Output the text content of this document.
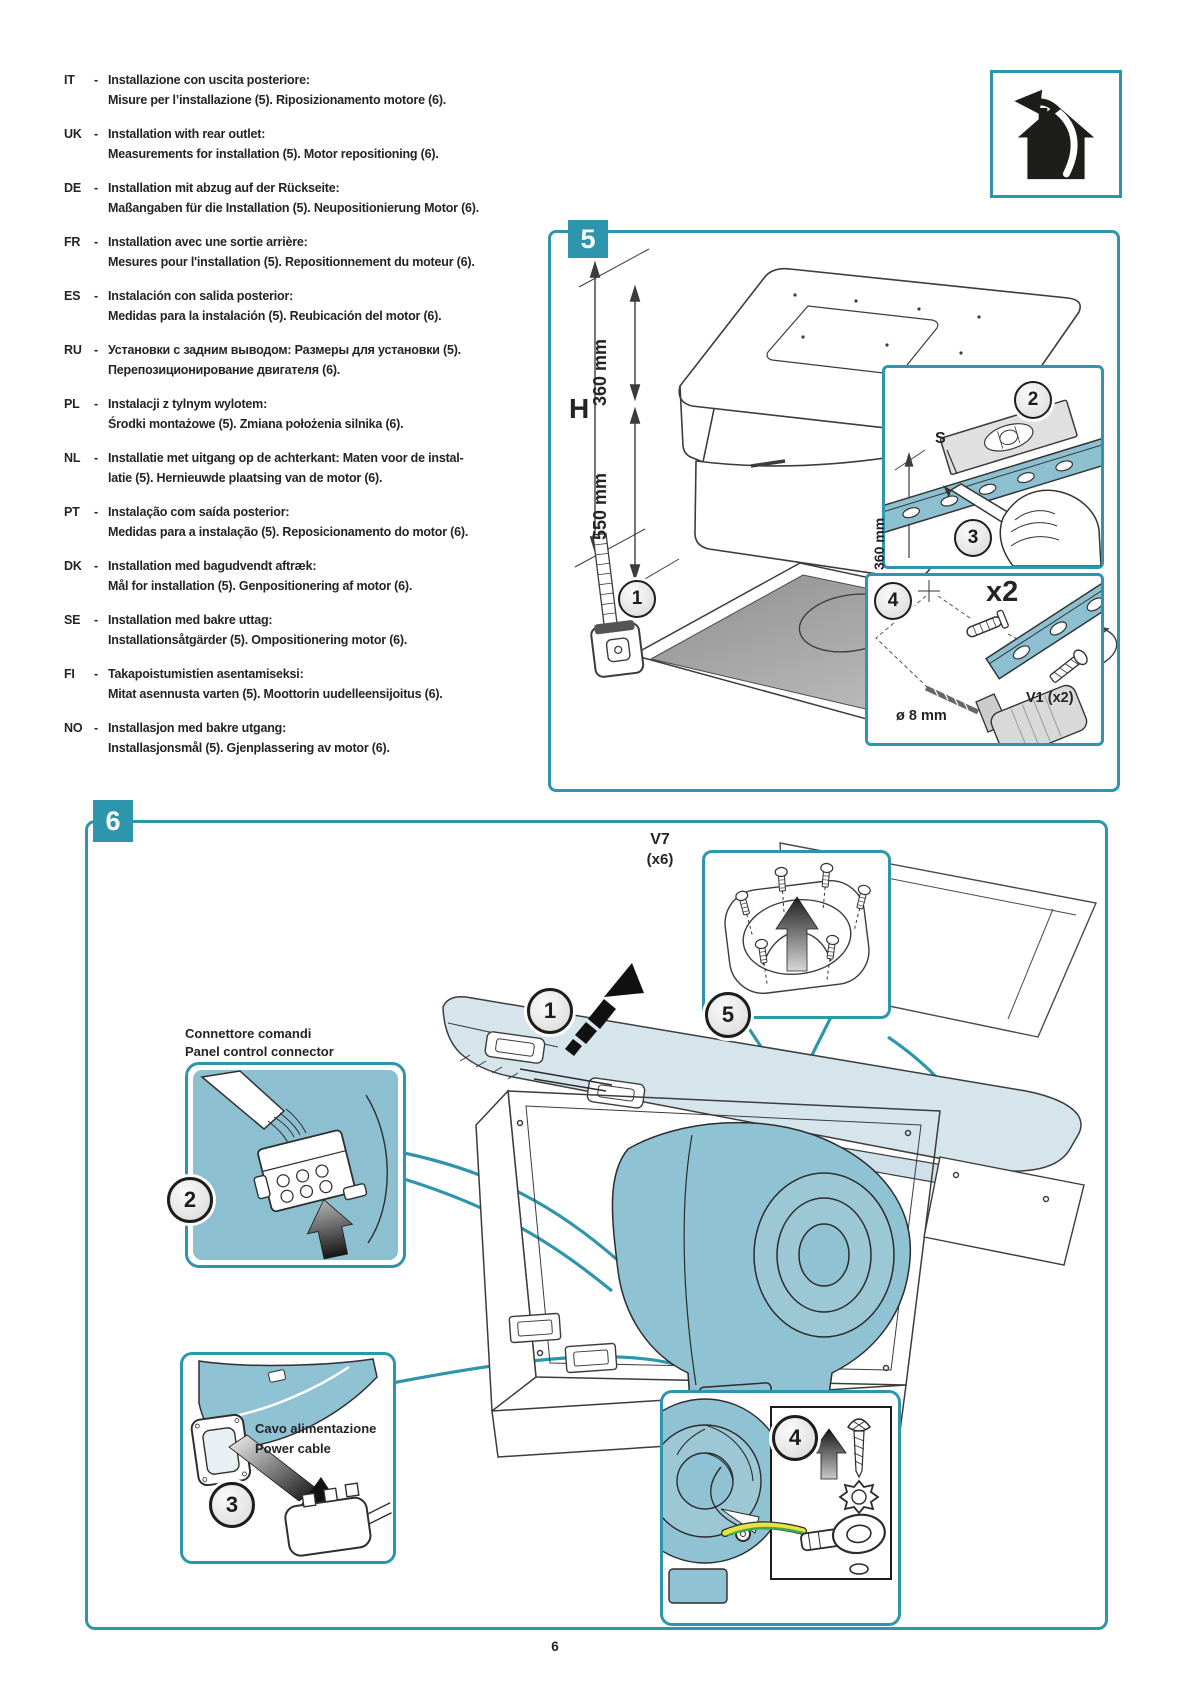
IT	- Installazione con uscita posteriore:
Misure per l’installazione (5). Riposizionamento motore (6).
UK - Installation with rear outlet:
Measurements for installation (5). Motor repositioning (6).
DE	- Installation mit abzug auf der Rückseite:
Maßangaben für die Installation (5). Neupositionierung Motor (6).
FR	- Installation avec une sortie arrière:
Mesures pour l'installation (5). Repositionnement du moteur (6).
ES	- Instalación con salida posterior:
Medidas para la instalación (5). Reubicación del motor (6).
RU - Установки с задним выводом: Размеры для установки (5).
Перепозиционирование двигателя (6).
PL	- Instalacji z tylnym wylotem:
Środki montażowe (5). Zmiana położenia silnika (6).
NL	- Installatie met uitgang op de achterkant: Maten voor de instal-
latie (5). Hernieuwde plaatsing van de motor (6).
PT	- Instalação com saída posterior:
Medidas para a instalação (5). Reposicionamento do motor (6).
DK - Installation med bagudvendt aftræk:
Mål for installation (5). Genpositionering af motor (6).
SE	- Installation med bakre uttag:
Installationsåtgärder (5). Ompositionering motor (6).
FI	- Takapoistumistien asentamiseksi:
Mitat asennusta varten (5). Moottorin uudelleensijoitus (6).
NO - Installasjon med bakre utgang:
Installasjonsmål (5). Gjenplassering av motor (6).
5
H
360 mm
550 mm
1
S
360 mm
2
3
4	x2
V1 (x2)
ø 8 mm
6
V7
(x6)
5
1
Connettore comandi
Panel control connector
2
Cavo alimentazione
Power cable
3
4
6
